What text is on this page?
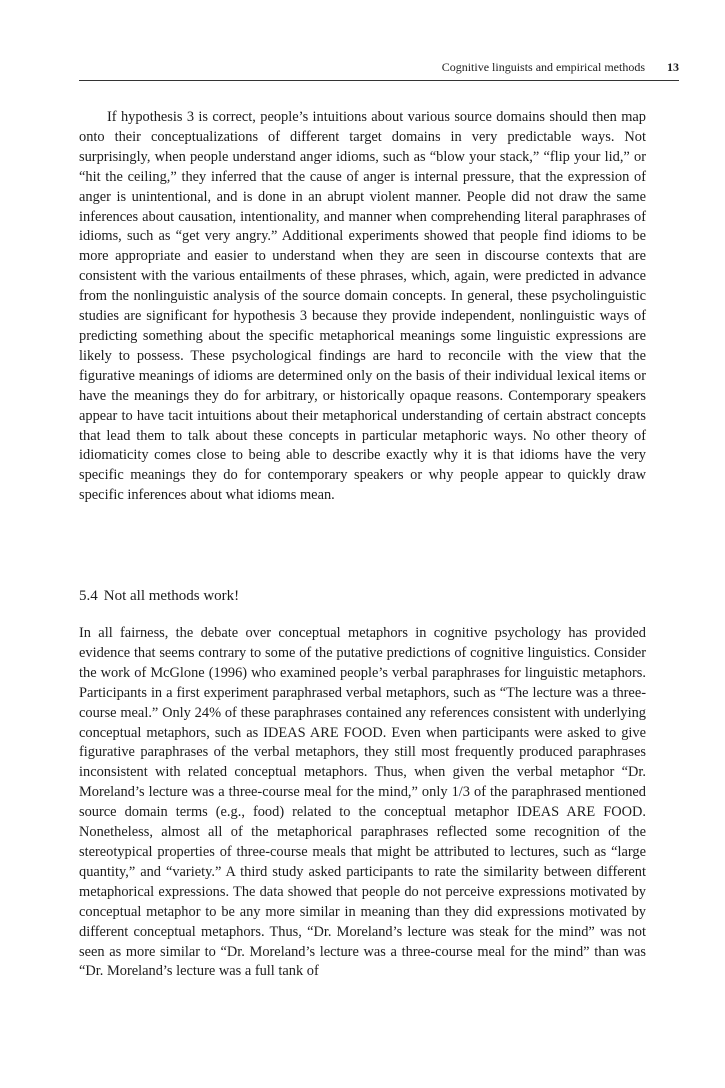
Cognitive linguists and empirical methods 13

If hypothesis 3 is correct, people’s intuitions about various source domains should then map onto their conceptualizations of different target domains in very predictable ways. Not surprisingly, when people understand anger idioms, such as “blow your stack,” “flip your lid,” or “hit the ceiling,” they inferred that the cause of anger is internal pressure, that the expression of anger is unintentional, and is done in an abrupt violent manner. People did not draw the same inferences about causation, intentionality, and manner when comprehending literal paraphrases of idioms, such as “get very angry.” Additional experiments showed that people find idioms to be more appropriate and easier to understand when they are seen in discourse contexts that are consistent with the various entailments of these phrases, which, again, were predicted in advance from the nonlinguistic analysis of the source domain concepts. In general, these psycholinguistic studies are significant for hypothesis 3 because they provide independent, nonlinguistic ways of predicting something about the specific metaphorical meanings some linguistic expressions are likely to possess. These psychological findings are hard to reconcile with the view that the figurative meanings of idioms are determined only on the basis of their individual lexical items or have the meanings they do for arbitrary, or historically opaque reasons. Contemporary speakers appear to have tacit intuitions about their metaphorical understanding of certain abstract concepts that lead them to talk about these concepts in particular metaphoric ways. No other theory of idiomaticity comes close to being able to describe exactly why it is that idioms have the very specific meanings they do for contemporary speakers or why people appear to quickly draw specific inferences about what idioms mean.

5.4 Not all methods work!

In all fairness, the debate over conceptual metaphors in cognitive psychology has provided evidence that seems contrary to some of the putative predictions of cognitive linguistics. Consider the work of McGlone (1996) who examined people’s verbal paraphrases for linguistic metaphors. Participants in a first experiment paraphrased verbal metaphors, such as “The lecture was a three-course meal.” Only 24% of these paraphrases contained any references consistent with underlying conceptual metaphors, such as IDEAS ARE FOOD. Even when participants were asked to give figurative paraphrases of the verbal metaphors, they still most frequently produced paraphrases inconsistent with related conceptual metaphors. Thus, when given the verbal metaphor “Dr. Moreland’s lecture was a three-course meal for the mind,” only 1/3 of the paraphrased mentioned source domain terms (e.g., food) related to the conceptual metaphor IDEAS ARE FOOD. Nonetheless, almost all of the metaphorical paraphrases reflected some recognition of the stereotypical properties of three-course meals that might be attributed to lectures, such as “large quantity,” and “variety.” A third study asked participants to rate the similarity between different metaphorical expressions. The data showed that people do not perceive expressions motivated by conceptual metaphor to be any more similar in meaning than they did expressions motivated by different conceptual metaphors. Thus, “Dr. Moreland’s lecture was steak for the mind” was not seen as more similar to “Dr. Moreland’s lecture was a three-course meal for the mind” than was “Dr. Moreland’s lecture was a full tank of
